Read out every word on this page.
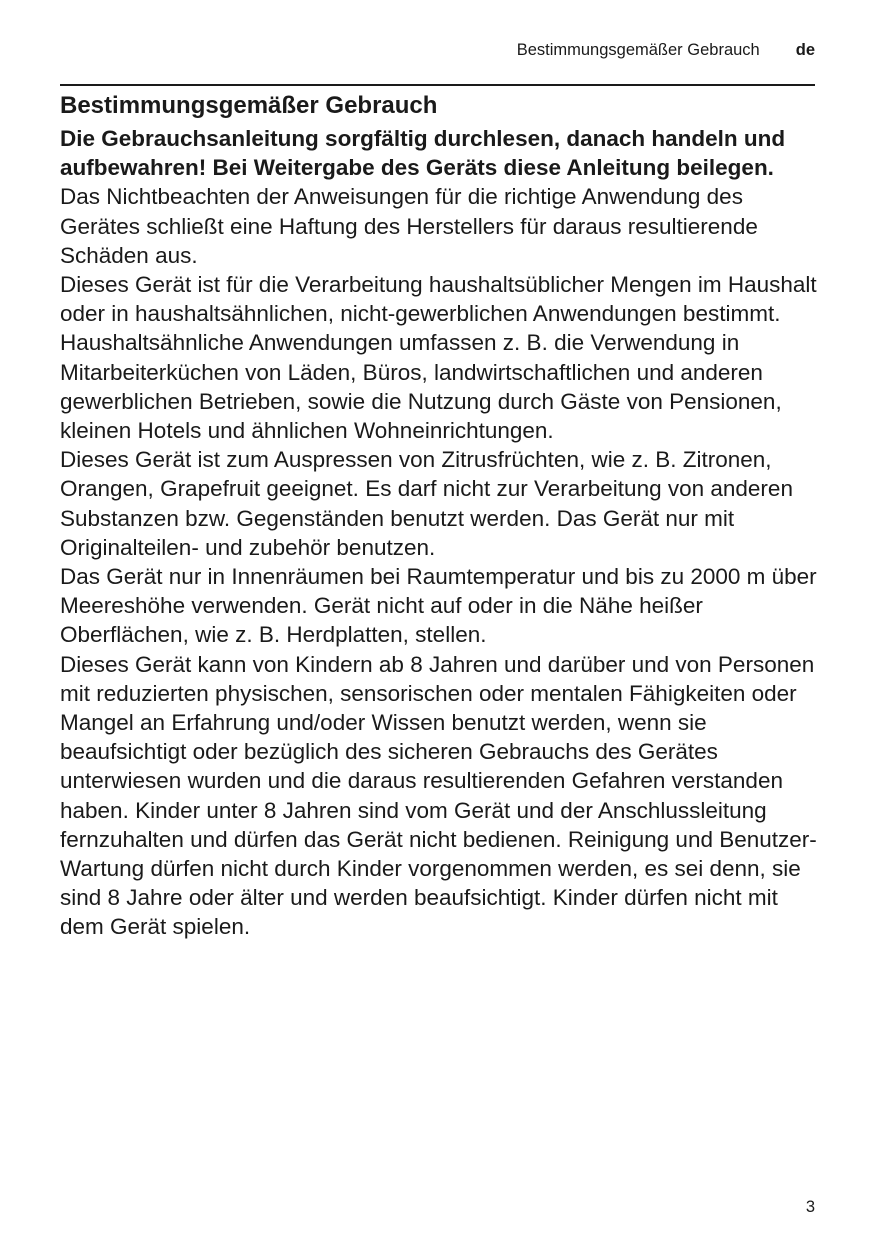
Bestimmungsgemäßer Gebrauch de
Bestimmungsgemäßer Gebrauch

Die Gebrauchsanleitung sorgfältig durchlesen, danach handeln und aufbewahren! Bei Weitergabe des Geräts diese Anleitung beilegen.

Das Nichtbeachten der Anweisungen für die richtige Anwendung des Gerätes schließt eine Haftung des Herstellers für daraus resultierende Schäden aus.

Dieses Gerät ist für die Verarbeitung haushaltsüblicher Mengen im Haushalt oder in haushaltsähnlichen, nicht-gewerblichen Anwendungen bestimmt. Haushaltsähnliche Anwendungen umfassen z. B. die Verwendung in Mitarbeiterküchen von Läden, Büros, landwirtschaftlichen und anderen gewerblichen Betrieben, sowie die Nutzung durch Gäste von Pensionen, kleinen Hotels und ähnlichen Wohneinrichtungen.

Dieses Gerät ist zum Auspressen von Zitrusfrüchten, wie z. B. Zitronen, Orangen, Grapefruit geeignet. Es darf nicht zur Verarbeitung von anderen Substanzen bzw. Gegenständen benutzt werden. Das Gerät nur mit Originalteilen- und zubehör benutzen.

Das Gerät nur in Innenräumen bei Raumtemperatur und bis zu 2000 m über Meereshöhe verwenden. Gerät nicht auf oder in die Nähe heißer Oberflächen, wie z. B. Herdplatten, stellen.

Dieses Gerät kann von Kindern ab 8 Jahren und darüber und von Personen mit reduzierten physischen, sensorischen oder mentalen Fähigkeiten oder Mangel an Erfahrung und/oder Wissen benutzt werden, wenn sie beaufsichtigt oder bezüglich des sicheren Gebrauchs des Gerätes unterwiesen wurden und die daraus resultierenden Gefahren verstanden haben. Kinder unter 8 Jahren sind vom Gerät und der Anschlussleitung fernzuhalten und dürfen das Gerät nicht bedienen. Reinigung und Benutzer-Wartung dürfen nicht durch Kinder vorgenommen werden, es sei denn, sie sind 8 Jahre oder älter und werden beaufsichtigt. Kinder dürfen nicht mit dem Gerät spielen.

3
